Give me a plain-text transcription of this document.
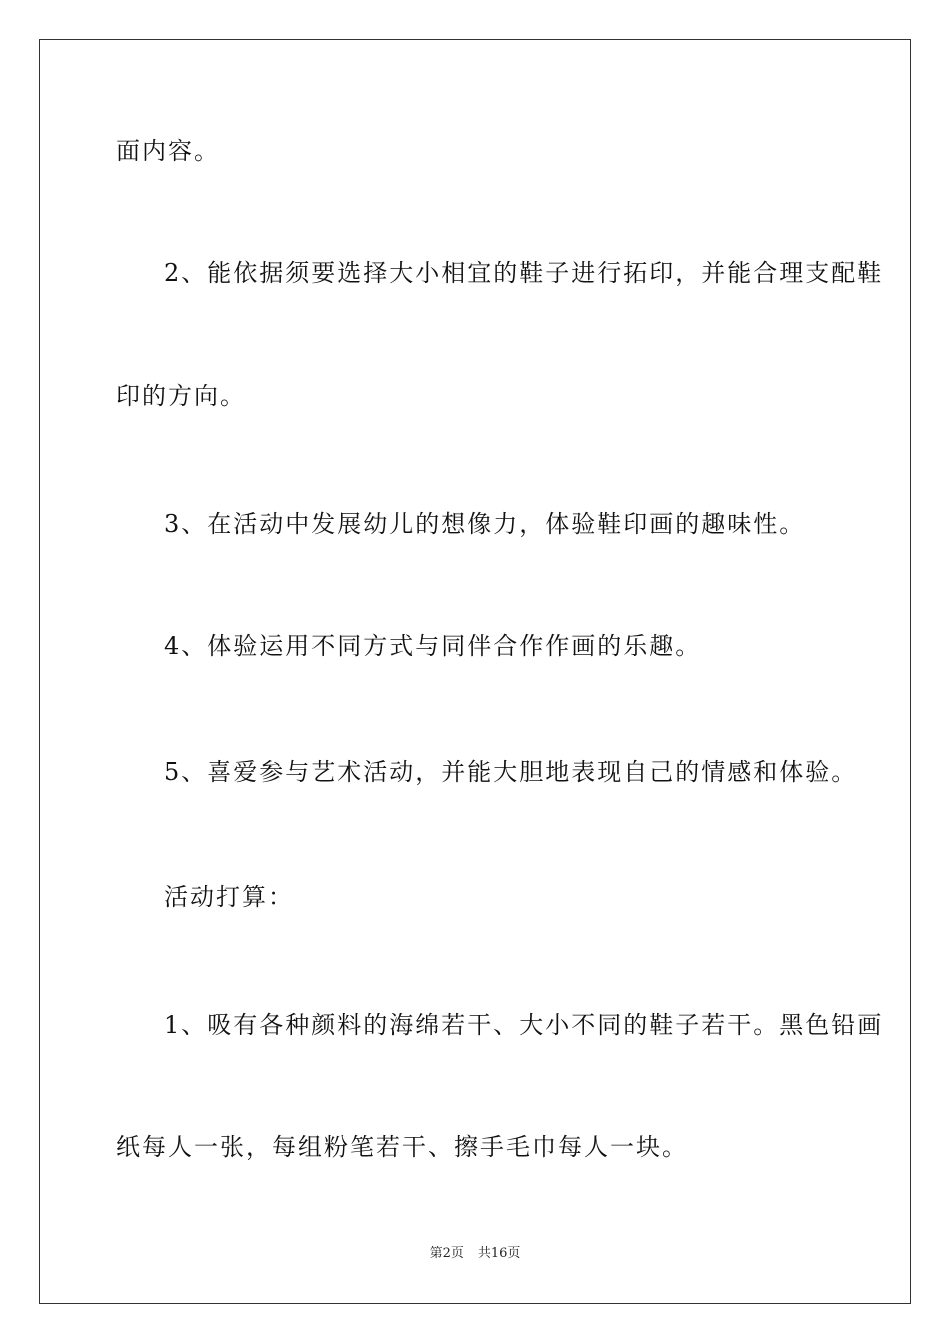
面内容。
2、能依据须要选择大小相宜的鞋子进行拓印，并能合理支配鞋
印的方向。
3、在活动中发展幼儿的想像力，体验鞋印画的趣味性。
4、体验运用不同方式与同伴合作作画的乐趣。
5、喜爱参与艺术活动，并能大胆地表现自己的情感和体验。
活动打算：
1、吸有各种颜料的海绵若干、大小不同的鞋子若干。黑色铅画
纸每人一张，每组粉笔若干、擦手毛巾每人一块。
第2页 共16页
